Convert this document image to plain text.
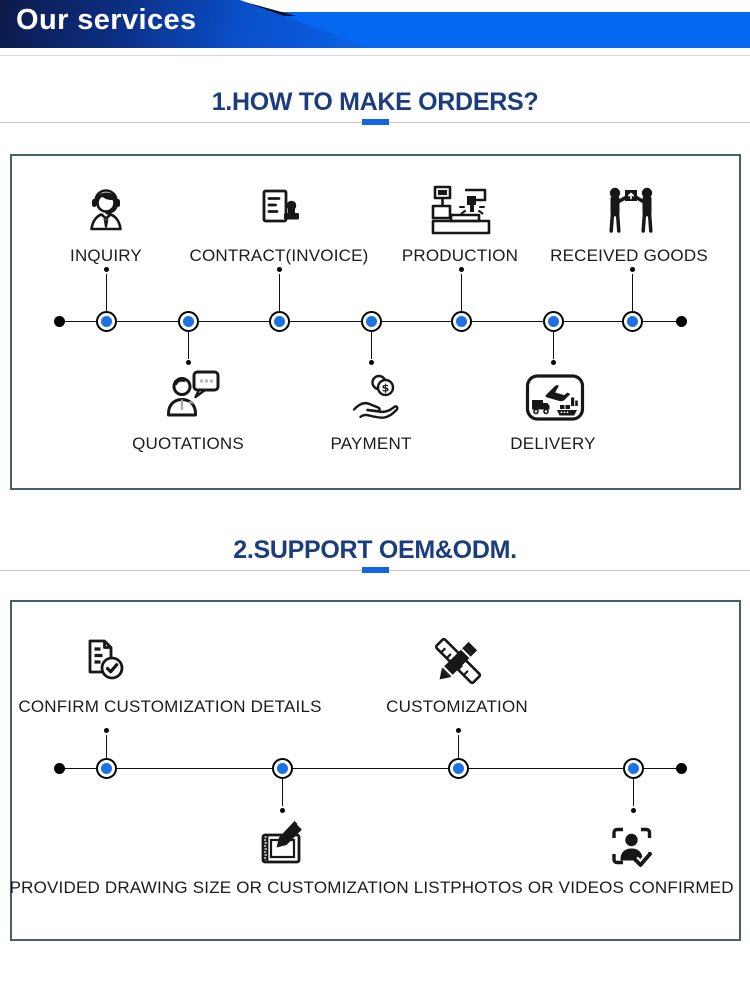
Our services
1.HOW TO MAKE ORDERS?
INQUIRY	CONTRACT(INVOICE) PRODUCTION RECEIVED GOODS
$
QUOTATIONS	PAYMENT	DELIVERY
2.SUPPORT OEM&ODM.
CONFIRM CUSTOMIZATION DETAILS	CUSTOMIZATION
PROVIDED DRAWING SIZE OR CUSTOMIZATION LIST PHOTOS OR VIDEOS CONFIRMED
